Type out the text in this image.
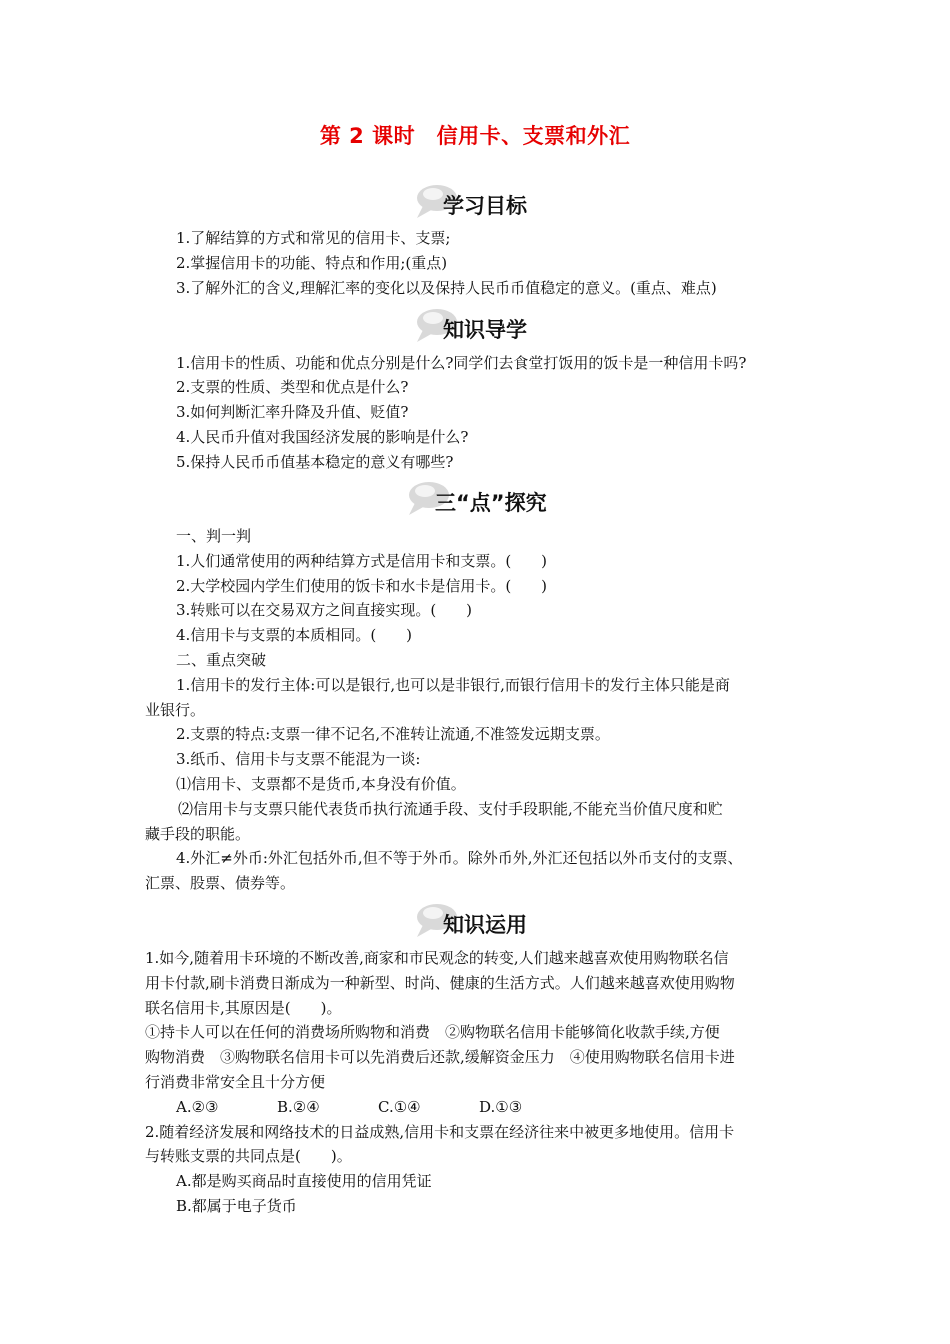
第 2 课时　信用卡、支票和外汇
学习目标
1.了解结算的方式和常见的信用卡、支票;
2.掌握信用卡的功能、特点和作用;(重点)
3.了解外汇的含义,理解汇率的变化以及保持人民币币值稳定的意义。(重点、难点)
知识导学
1.信用卡的性质、功能和优点分别是什么?同学们去食堂打饭用的饭卡是一种信用卡吗?
2.支票的性质、类型和优点是什么?
3.如何判断汇率升降及升值、贬值?
4.人民币升值对我国经济发展的影响是什么?
5.保持人民币币值基本稳定的意义有哪些?
三“点”探究
一、判一判
1.人们通常使用的两种结算方式是信用卡和支票。(　　)
2.大学校园内学生们使用的饭卡和水卡是信用卡。(　　)
3.转账可以在交易双方之间直接实现。(　　)
4.信用卡与支票的本质相同。(　　)
二、重点突破
1.信用卡的发行主体:可以是银行,也可以是非银行,而银行信用卡的发行主体只能是商
业银行。
2.支票的特点:支票一律不记名,不准转让流通,不准签发远期支票。
3.纸币、信用卡与支票不能混为一谈:
⑴信用卡、支票都不是货币,本身没有价值。
⑵信用卡与支票只能代表货币执行流通手段、支付手段职能,不能充当价值尺度和贮
藏手段的职能。
4.外汇≠外币:外汇包括外币,但不等于外币。除外币外,外汇还包括以外币支付的支票、
汇票、股票、债券等。
知识运用
1.如今,随着用卡环境的不断改善,商家和市民观念的转变,人们越来越喜欢使用购物联名信
用卡付款,刷卡消费日渐成为一种新型、时尚、健康的生活方式。人们越来越喜欢使用购物
联名信用卡,其原因是(　　)。
①持卡人可以在任何的消费场所购物和消费　②购物联名信用卡能够简化收款手续,方便
购物消费　③购物联名信用卡可以先消费后还款,缓解资金压力　④使用购物联名信用卡进
行消费非常安全且十分方便
A.②③	B.②④	C.①④	D.①③
2.随着经济发展和网络技术的日益成熟,信用卡和支票在经济往来中被更多地使用。信用卡
与转账支票的共同点是(　　)。
A.都是购买商品时直接使用的信用凭证
B.都属于电子货币
